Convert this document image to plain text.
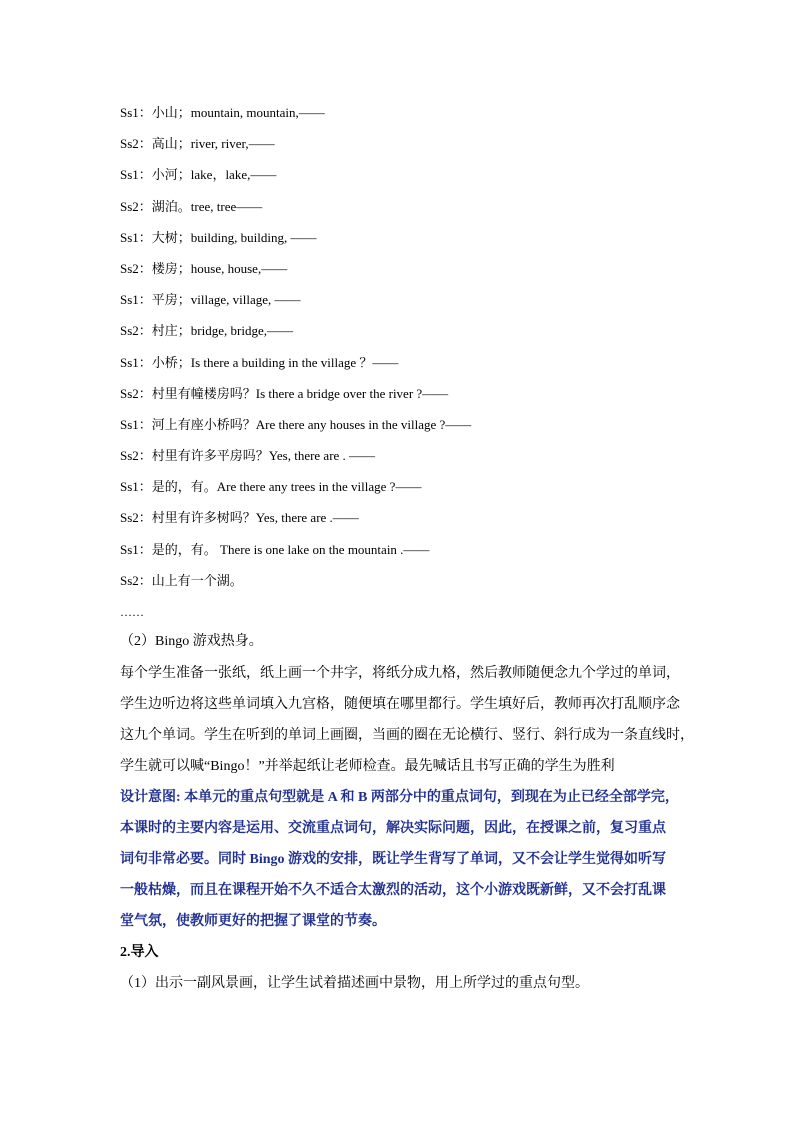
Ss1：小山；mountain, mountain,——
Ss2：高山；river, river,——
Ss1：小河；lake，lake,——
Ss2：湖泊。tree, tree——
Ss1：大树；building, building, ——
Ss2：楼房；house, house,——
Ss1：平房；village, village, ——
Ss2：村庄；bridge, bridge,——
Ss1：小桥；Is there a building in the village ？——
Ss2：村里有幢楼房吗？Is there a bridge over the river ?——
Ss1：河上有座小桥吗？Are there any houses in the village ?——
Ss2：村里有许多平房吗？Yes, there are . ——
Ss1：是的，有。Are there any trees in the village ?——
Ss2：村里有许多树吗？Yes, there are .——
Ss1：是的，有。 There is one lake on the mountain .——
Ss2：山上有一个湖。
……
（2）Bingo 游戏热身。
每个学生准备一张纸，纸上画一个井字，将纸分成九格，然后教师随便念九个学过的单词，
学生边听边将这些单词填入九宫格，随便填在哪里都行。学生填好后，教师再次打乱顺序念
这九个单词。学生在听到的单词上画圈，当画的圈在无论横行、竖行、斜行成为一条直线时，
学生就可以喊“Bingo！”并举起纸让老师检查。最先喊话且书写正确的学生为胜利
设计意图: 本单元的重点句型就是 A 和 B 两部分中的重点词句，到现在为止已经全部学完，
本课时的主要内容是运用、交流重点词句，解决实际问题，因此，在授课之前，复习重点
词句非常必要。同时 Bingo 游戏的安排，既让学生背写了单词，又不会让学生觉得如听写
一般枯燥，而且在课程开始不久不适合太激烈的活动，这个小游戏既新鲜，又不会打乱课
堂气氛，使教师更好的把握了课堂的节奏。
2.导入
（1）出示一副风景画，让学生试着描述画中景物，用上所学过的重点句型。
